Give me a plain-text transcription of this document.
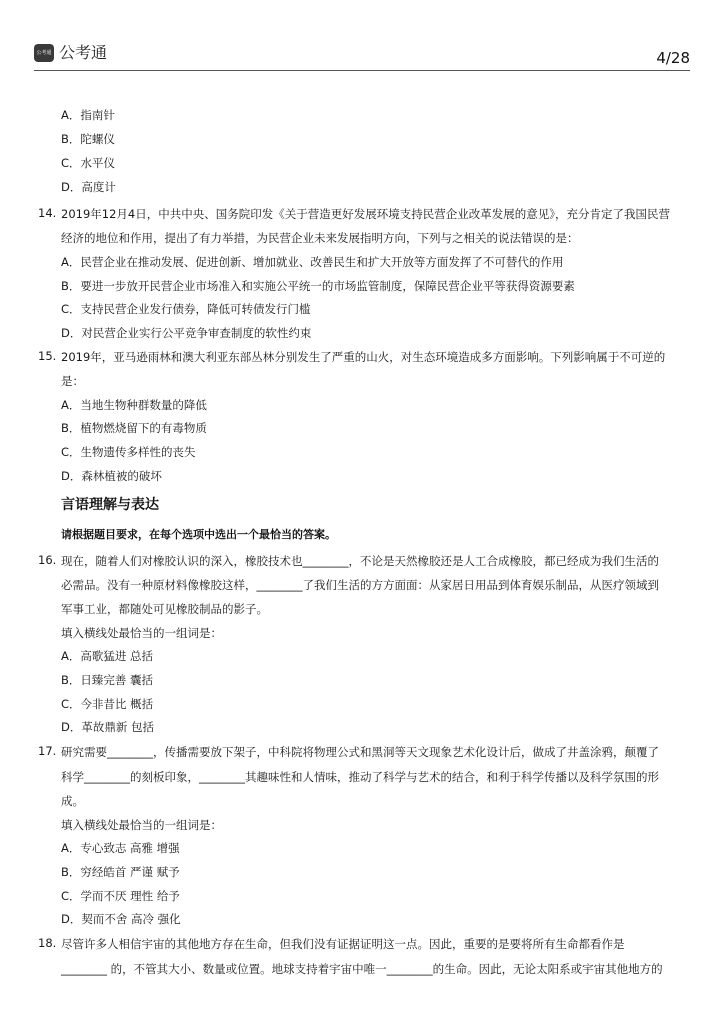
公考通 公考通	4/28
A．指南针
B．陀螺仪
C．水平仪
D．高度计
14. 2019年12月4日，中共中央、国务院印发《关于营造更好发展环境支持民营企业改革发展的意见》，充分肯定了我国民营
经济的地位和作用，提出了有力举措，为民营企业未来发展指明方向，下列与之相关的说法错误的是：
A．民营企业在推动发展、促进创新、增加就业、改善民生和扩大开放等方面发挥了不可替代的作用
B．要进一步放开民营企业市场准入和实施公平统一的市场监管制度，保障民营企业平等获得资源要素
C．支持民营企业发行债券，降低可转债发行门槛
D．对民营企业实行公平竞争审查制度的软性约束
15. 2019年，亚马逊雨林和澳大利亚东部丛林分别发生了严重的山火，对生态环境造成多方面影响。下列影响属于不可逆的
是：
A．当地生物种群数量的降低
B．植物燃烧留下的有毒物质
C．生物遗传多样性的丧失
D．森林植被的破坏
言语理解与表达
请根据题目要求，在每个选项中选出一个最恰当的答案。
16. 现在，随着人们对橡胶认识的深入，橡胶技术也________，不论是天然橡胶还是人工合成橡胶，都已经成为我们生活的
必需品。没有一种原材料像橡胶这样，________了我们生活的方方面面：从家居日用品到体育娱乐制品，从医疗领域到
军事工业，都随处可见橡胶制品的影子。
填入横线处最恰当的一组词是：
A．高歌猛进 总括
B．日臻完善 囊括
C．今非昔比 概括
D．革故鼎新 包括
17. 研究需要________，传播需要放下架子，中科院将物理公式和黑洞等天文现象艺术化设计后，做成了井盖涂鸦，颠覆了
科学________的刻板印象，________其趣味性和人情味，推动了科学与艺术的结合，和利于科学传播以及科学氛围的形
成。
填入横线处最恰当的一组词是：
A．专心致志 高雅 增强
B．穷经皓首 严谨 赋予
C．学而不厌 理性 给予
D．契而不舍 高冷 强化
18. 尽管许多人相信宇宙的其他地方存在生命，但我们没有证据证明这一点。因此，重要的是要将所有生命都看作是
________ 的，不管其大小、数量或位置。地球支持着宇宙中唯一________的生命。因此，无论太阳系或宇宙其他地方的
